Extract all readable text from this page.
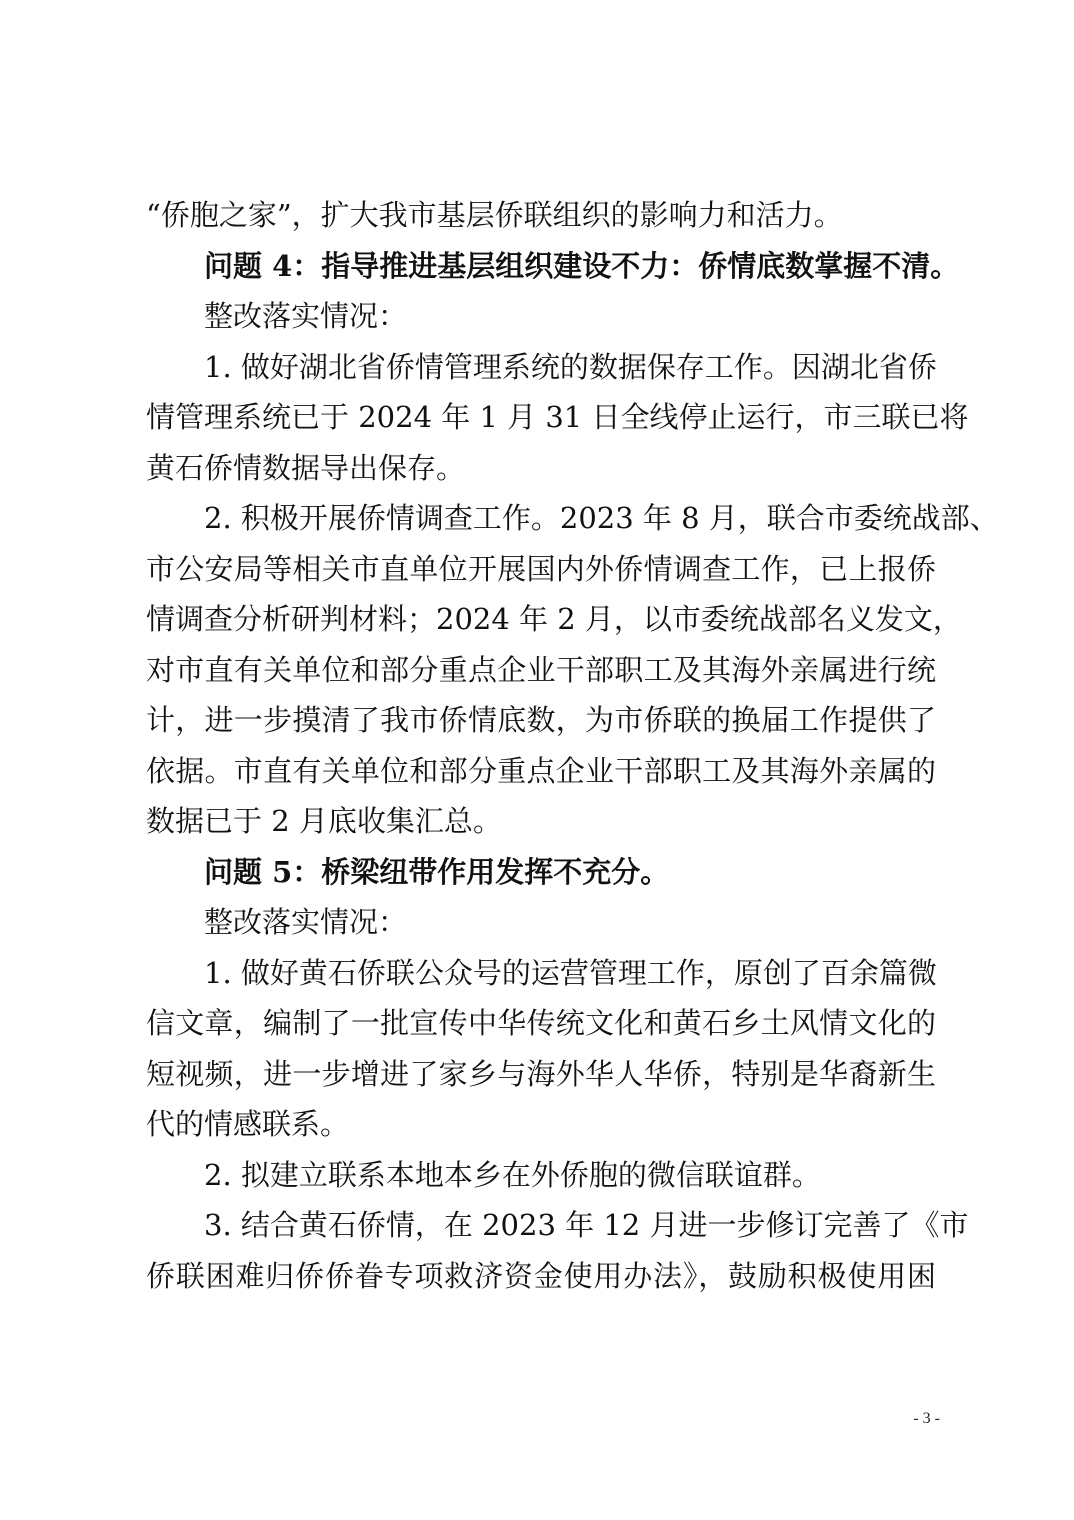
“侨胞之家”，扩大我市基层侨联组织的影响力和活力。
问题 4：指导推进基层组织建设不力：侨情底数掌握不清。
整改落实情况：
1. 做好湖北省侨情管理系统的数据保存工作。因湖北省侨
情管理系统已于 2024 年 1 月 31 日全线停止运行，市三联已将
黄石侨情数据导出保存。
2. 积极开展侨情调查工作。2023 年 8 月，联合市委统战部、
市公安局等相关市直单位开展国内外侨情调查工作，已上报侨
情调查分析研判材料；2024 年 2 月，以市委统战部名义发文，
对市直有关单位和部分重点企业干部职工及其海外亲属进行统
计，进一步摸清了我市侨情底数，为市侨联的换届工作提供了
依据。市直有关单位和部分重点企业干部职工及其海外亲属的
数据已于 2 月底收集汇总。
问题 5：桥梁纽带作用发挥不充分。
整改落实情况：
1. 做好黄石侨联公众号的运营管理工作，原创了百余篇微
信文章，编制了一批宣传中华传统文化和黄石乡土风情文化的
短视频，进一步增进了家乡与海外华人华侨，特别是华裔新生
代的情感联系。
2. 拟建立联系本地本乡在外侨胞的微信联谊群。
3. 结合黄石侨情，在 2023 年 12 月进一步修订完善了《市
侨联困难归侨侨眷专项救济资金使用办法》，鼓励积极使用困
- 3 -
